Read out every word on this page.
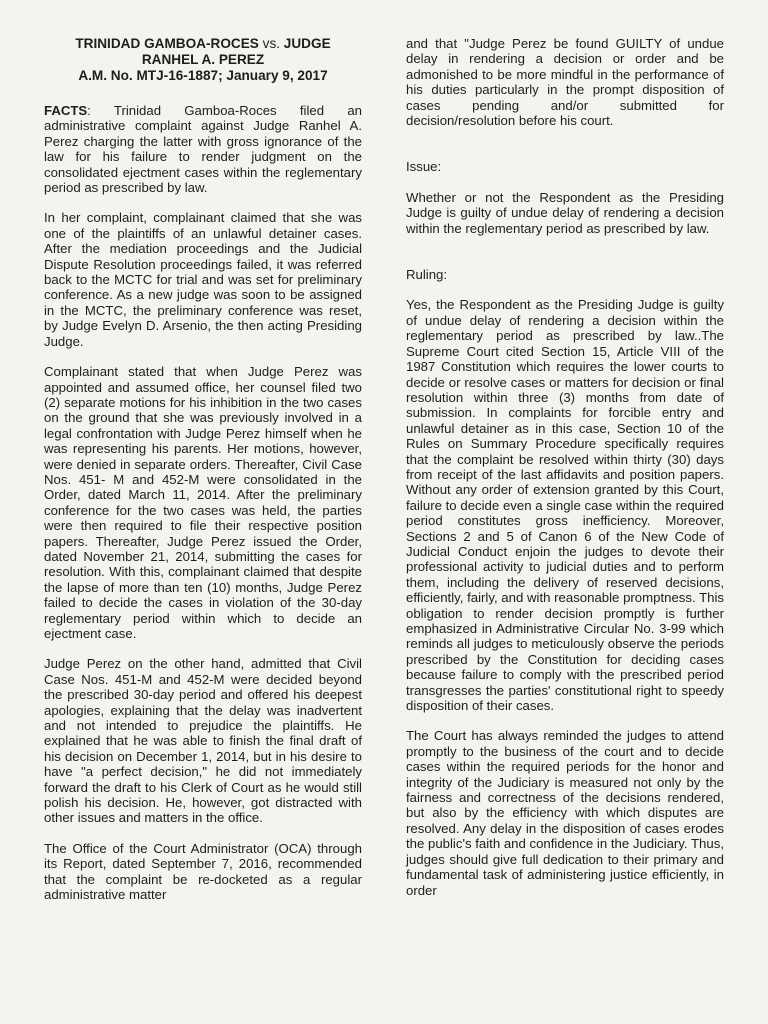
TRINIDAD GAMBOA-ROCES vs. JUDGE
RANHEL A. PEREZ
A.M. No. MTJ-16-1887; January 9, 2017

FACTS: Trinidad Gamboa-Roces filed an administrative complaint against Judge Ranhel A. Perez charging the latter with gross ignorance of the law for his failure to render judgment on the consolidated ejectment cases within the reglementary period as prescribed by law.

In her complaint, complainant claimed that she was one of the plaintiffs of an unlawful detainer cases. After the mediation proceedings and the Judicial Dispute Resolution proceedings failed, it was referred back to the MCTC for trial and was set for preliminary conference. As a new judge was soon to be assigned in the MCTC, the preliminary conference was reset, by Judge Evelyn D. Arsenio, the then acting Presiding Judge.

Complainant stated that when Judge Perez was appointed and assumed office, her counsel filed two (2) separate motions for his inhibition in the two cases on the ground that she was previously involved in a legal confrontation with Judge Perez himself when he was representing his parents. Her motions, however, were denied in separate orders. Thereafter, Civil Case Nos. 451- M and 452-M were consolidated in the Order, dated March 11, 2014. After the preliminary conference for the two cases was held, the parties were then required to file their respective position papers. Thereafter, Judge Perez issued the Order, dated November 21, 2014, submitting the cases for resolution. With this, complainant claimed that despite the lapse of more than ten (10) months, Judge Perez failed to decide the cases in violation of the 30-day reglementary period within which to decide an ejectment case.

Judge Perez on the other hand, admitted that Civil Case Nos. 451-M and 452-M were decided beyond the prescribed 30-day period and offered his deepest apologies, explaining that the delay was inadvertent and not intended to prejudice the plaintiffs. He explained that he was able to finish the final draft of his decision on December 1, 2014, but in his desire to have "a perfect decision," he did not immediately forward the draft to his Clerk of Court as he would still polish his decision. He, however, got distracted with other issues and matters in the office.

The Office of the Court Administrator (OCA) through its Report, dated September 7, 2016, recommended that the complaint be re-docketed as a regular administrative matter

and that "Judge Perez be found GUILTY of undue delay in rendering a decision or order and be admonished to be more mindful in the performance of his duties particularly in the prompt disposition of cases pending and/or submitted for decision/resolution before his court.

Issue:

Whether or not the Respondent as the Presiding Judge is guilty of undue delay of rendering a decision within the reglementary period as prescribed by law.

Ruling:

Yes, the Respondent as the Presiding Judge is guilty of undue delay of rendering a decision within the reglementary period as prescribed by law..The Supreme Court cited Section 15, Article VIII of the 1987 Constitution which requires the lower courts to decide or resolve cases or matters for decision or final resolution within three (3) months from date of submission. In complaints for forcible entry and unlawful detainer as in this case, Section 10 of the Rules on Summary Procedure specifically requires that the complaint be resolved within thirty (30) days from receipt of the last affidavits and position papers. Without any order of extension granted by this Court, failure to decide even a single case within the required period constitutes gross inefficiency. Moreover, Sections 2 and 5 of Canon 6 of the New Code of Judicial Conduct enjoin the judges to devote their professional activity to judicial duties and to perform them, including the delivery of reserved decisions, efficiently, fairly, and with reasonable promptness. This obligation to render decision promptly is further emphasized in Administrative Circular No. 3-99 which reminds all judges to meticulously observe the periods prescribed by the Constitution for deciding cases because failure to comply with the prescribed period transgresses the parties' constitutional right to speedy disposition of their cases.

The Court has always reminded the judges to attend promptly to the business of the court and to decide cases within the required periods for the honor and integrity of the Judiciary is measured not only by the fairness and correctness of the decisions rendered, but also by the efficiency with which disputes are resolved. Any delay in the disposition of cases erodes the public's faith and confidence in the Judiciary. Thus, judges should give full dedication to their primary and fundamental task of administering justice efficiently, in order
